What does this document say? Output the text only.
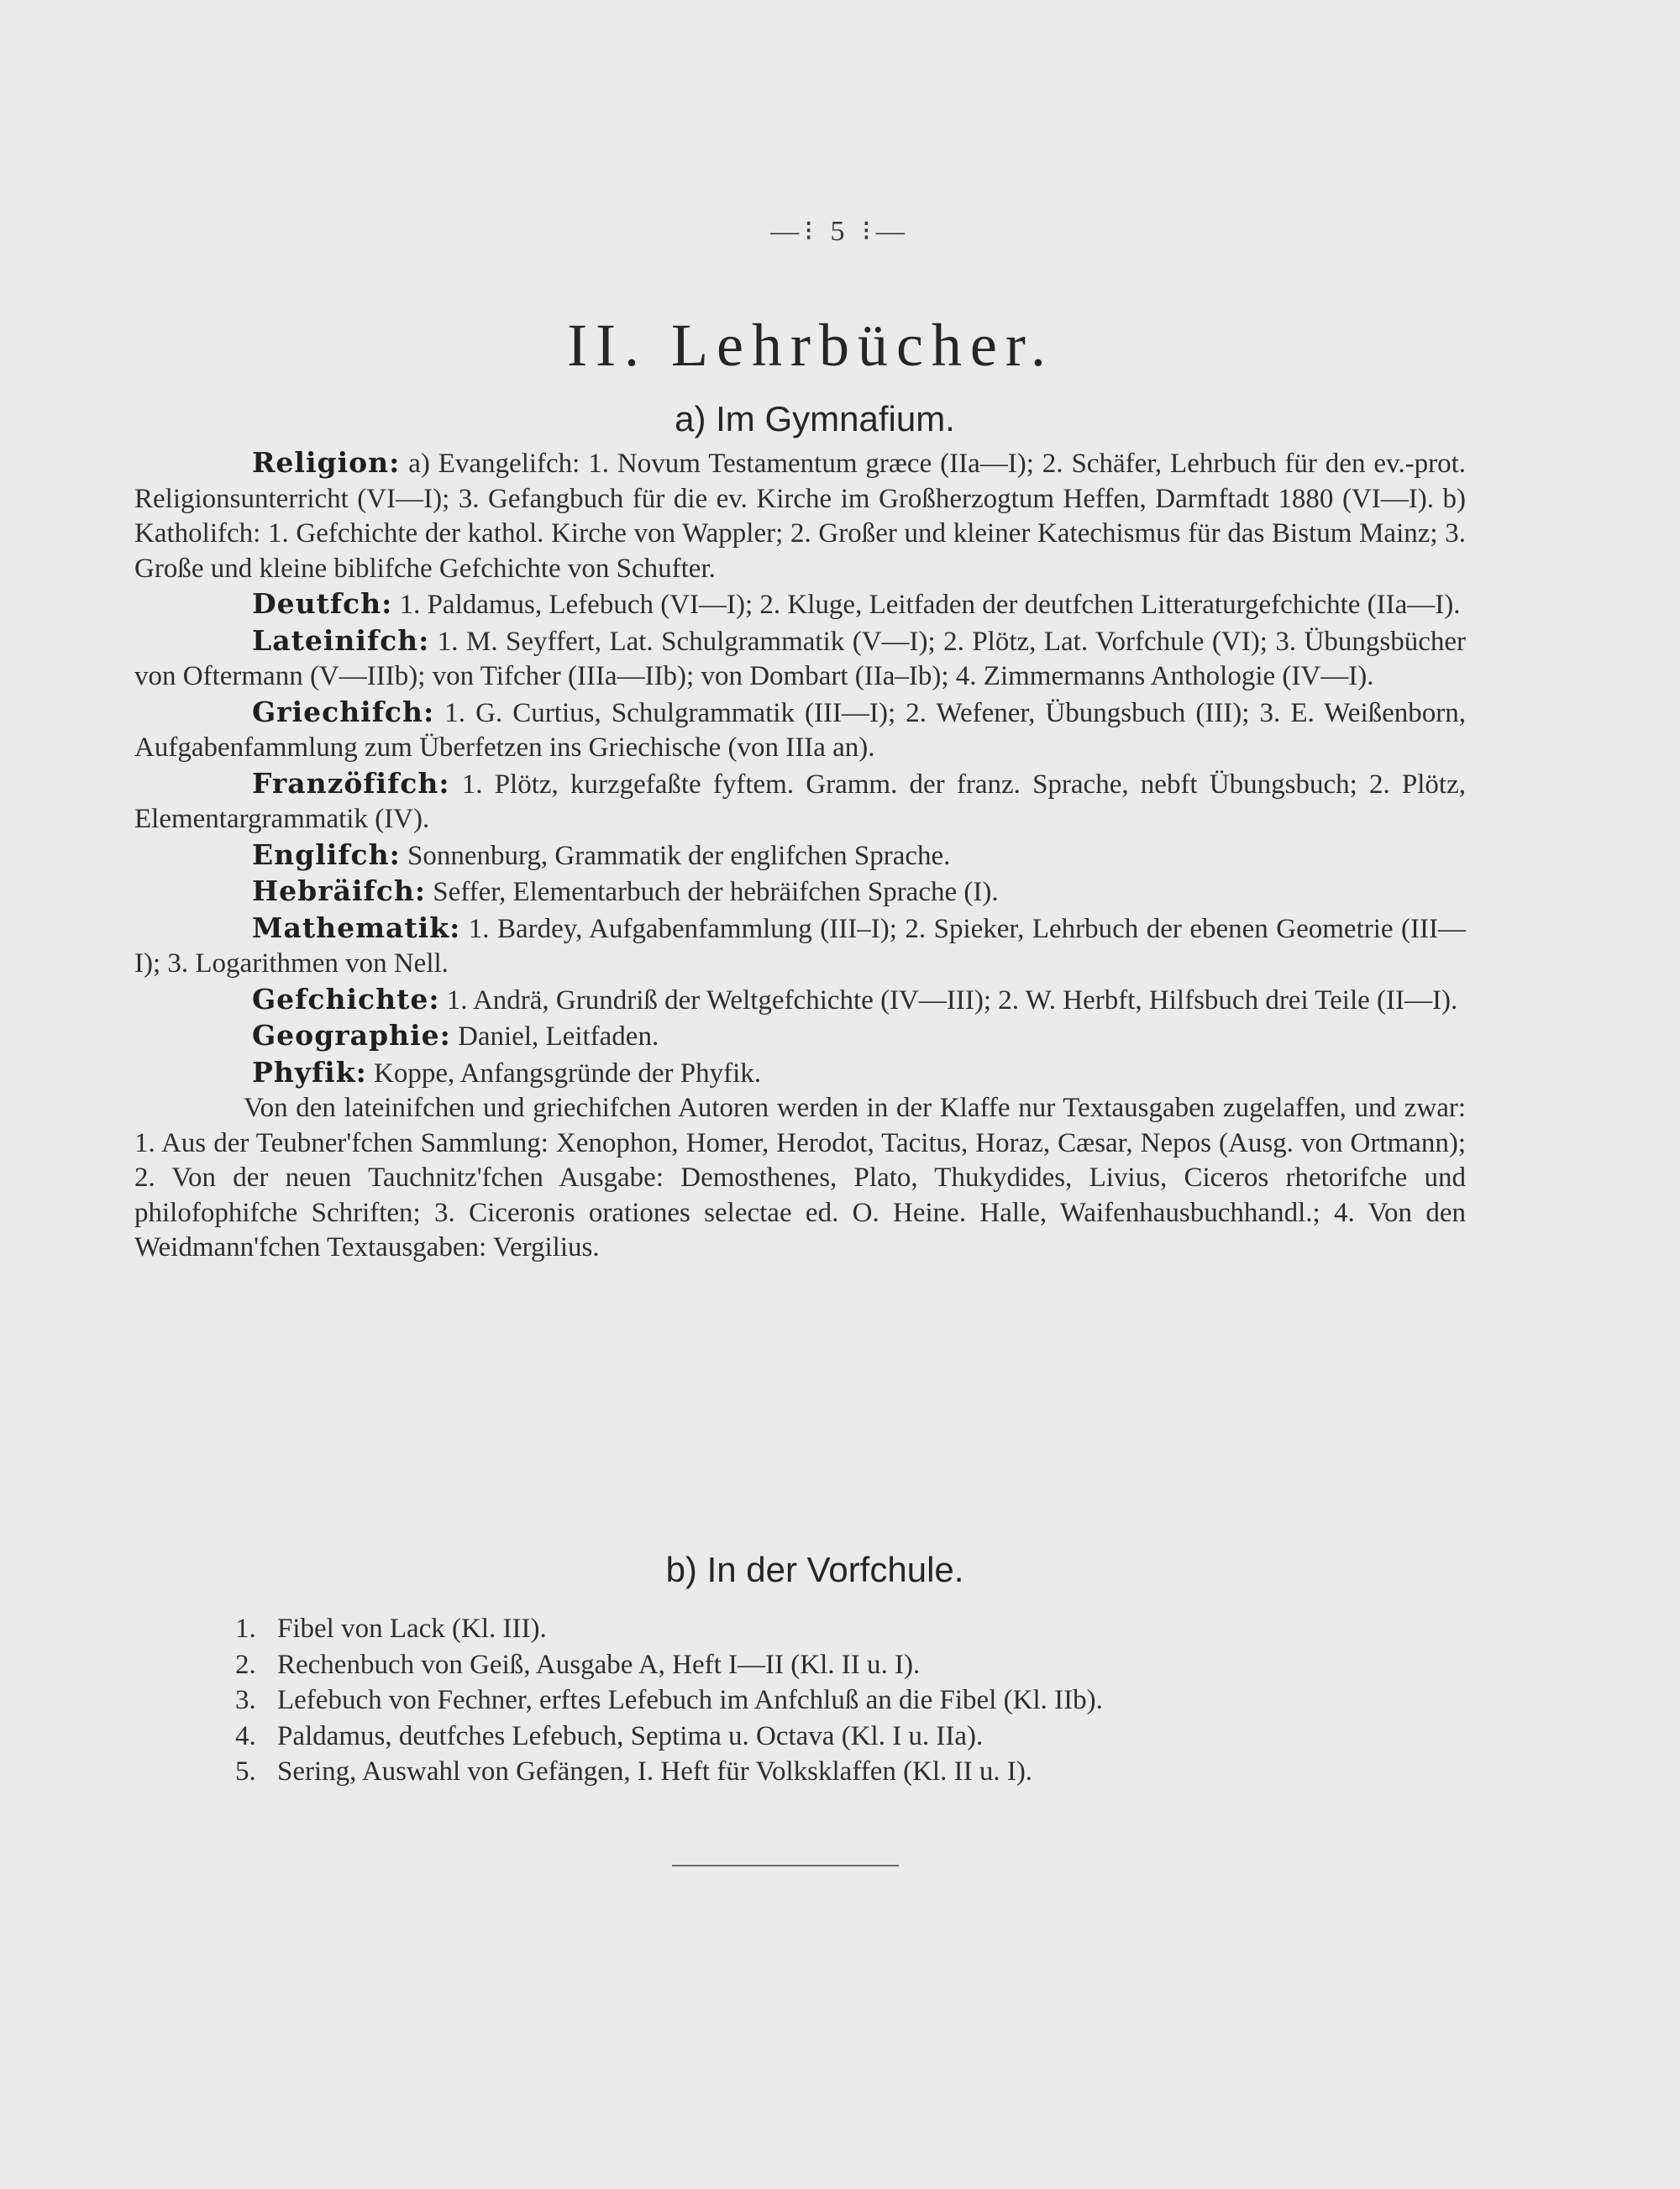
—⁝ 5 ⁝—
II. Lehrbücher.
a) Im Gymnafium.

Religion: a) Evangelifch: 1. Novum Testamentum græce (IIa—I); 2. Schäfer, Lehrbuch für den ev.-prot. Religionsunterricht (VI—I); 3. Gefangbuch für die ev. Kirche im Großherzogtum Heffen, Darmftadt 1880 (VI—I). b) Katholifch: 1. Gefchichte der kathol. Kirche von Wappler; 2. Großer und kleiner Katechismus für das Bistum Mainz; 3. Große und kleine biblifche Gefchichte von Schufter.

Deutfch: 1. Paldamus, Lefebuch (VI—I); 2. Kluge, Leitfaden der deutfchen Litteraturgefchichte (IIa—I).

Lateinifch: 1. M. Seyffert, Lat. Schulgrammatik (V—I); 2. Plötz, Lat. Vorfchule (VI); 3. Übungsbücher von Oftermann (V—IIIb); von Tifcher (IIIa—IIb); von Dombart (IIa–Ib); 4. Zimmermanns Anthologie (IV—I).

Griechifch: 1. G. Curtius, Schulgrammatik (III—I); 2. Wefener, Übungsbuch (III); 3. E. Weißenborn, Aufgabenfammlung zum Überfetzen ins Griechische (von IIIa an).

Franzöfifch: 1. Plötz, kurzgefaßte fyftem. Gramm. der franz. Sprache, nebft Übungsbuch; 2. Plötz, Elementargrammatik (IV).

Englifch: Sonnenburg, Grammatik der englifchen Sprache.

Hebräifch: Seffer, Elementarbuch der hebräifchen Sprache (I).

Mathematik: 1. Bardey, Aufgabenfammlung (III–I); 2. Spieker, Lehrbuch der ebenen Geometrie (III—I); 3. Logarithmen von Nell.

Gefchichte: 1. Andrä, Grundriß der Weltgefchichte (IV—III); 2. W. Herbft, Hilfsbuch drei Teile (II—I).

Geographie: Daniel, Leitfaden.

Phyfik: Koppe, Anfangsgründe der Phyfik.

Von den lateinifchen und griechifchen Autoren werden in der Klaffe nur Textausgaben zugelaffen, und zwar: 1. Aus der Teubner'fchen Sammlung: Xenophon, Homer, Herodot, Tacitus, Horaz, Cæsar, Nepos (Ausg. von Ortmann); 2. Von der neuen Tauchnitz'fchen Ausgabe: Demosthenes, Plato, Thukydides, Livius, Ciceros rhetorifche und philofophifche Schriften; 3. Ciceronis orationes selectae ed. O. Heine. Halle, Waifenhausbuchhandl.; 4. Von den Weidmann'fchen Textausgaben: Vergilius.

b) In der Vorfchule.
1. Fibel von Lack (Kl. III).
2. Rechenbuch von Geiß, Ausgabe A, Heft I—II (Kl. II u. I).
3. Lefebuch von Fechner, erftes Lefebuch im Anfchluß an die Fibel (Kl. IIb).
4. Paldamus, deutfches Lefebuch, Septima u. Octava (Kl. I u. IIa).
5. Sering, Auswahl von Gefängen, I. Heft für Volksklaffen (Kl. II u. I).
